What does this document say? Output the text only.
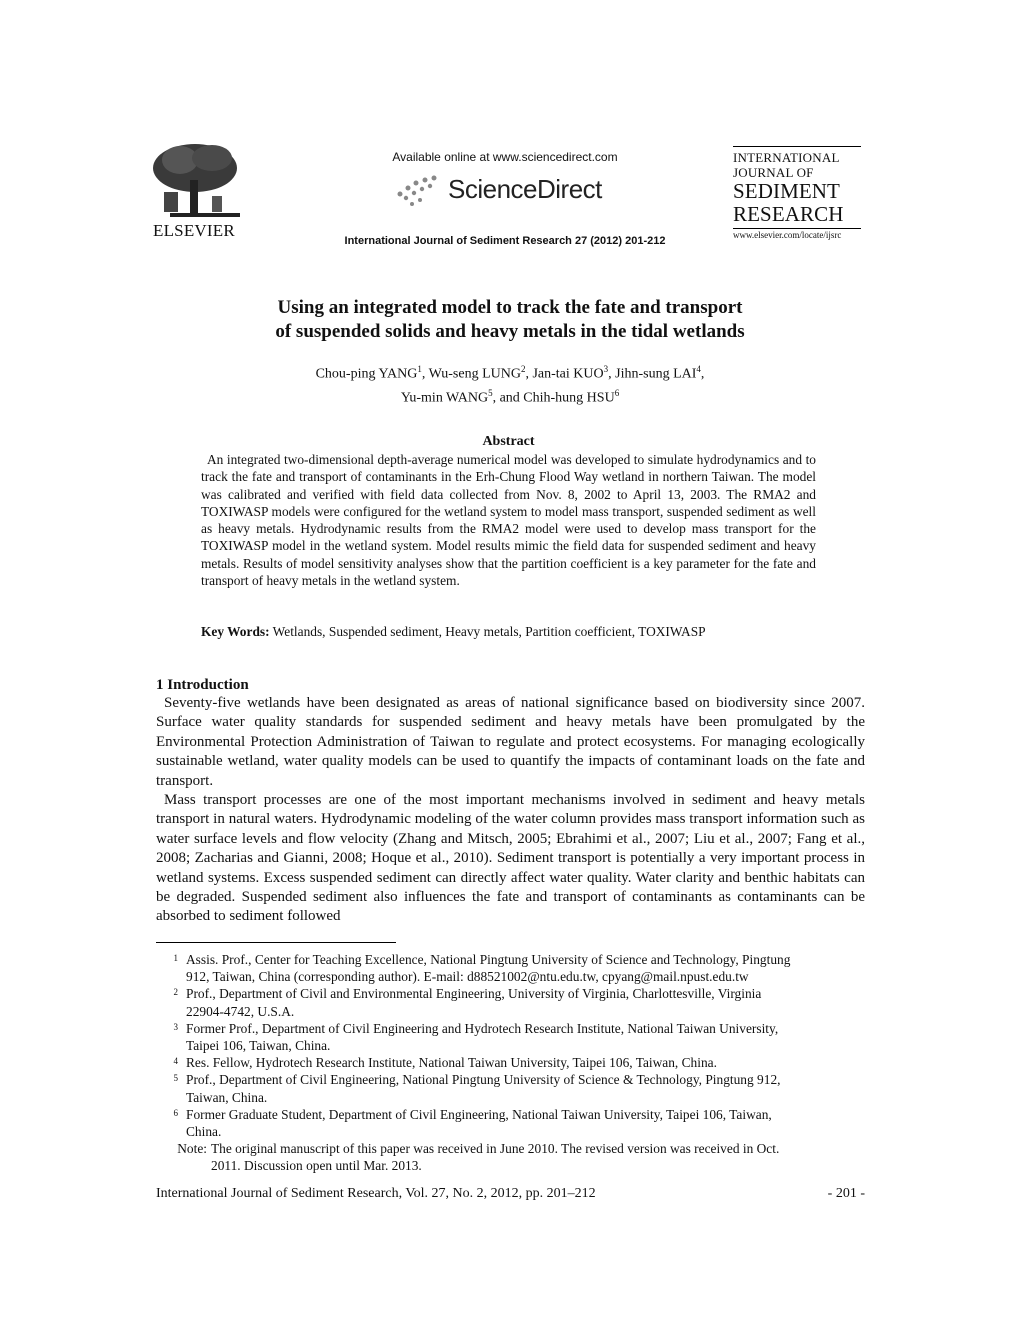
ELSEVIER
Available online at www.sciencedirect.com
ScienceDirect
International Journal of Sediment Research 27 (2012) 201-212
INTERNATIONAL
JOURNAL OF
SEDIMENT
RESEARCH
www.elsevier.com/locate/ijsrc
Using an integrated model to track the fate and transport
of suspended solids and heavy metals in the tidal wetlands
Chou-ping YANG$^1$, Wu-seng LUNG$^2$, Jan-tai KUO$^3$, Jihn-sung LAI$^4$,
Yu-min WANG$^5$, and Chih-hung HSU$^6$
Abstract

An integrated two-dimensional depth-average numerical model was developed to simulate hydrodynamics and to track the fate and transport of contaminants in the Erh-Chung Flood Way wetland in northern Taiwan. The model was calibrated and verified with field data collected from Nov. 8, 2002 to April 13, 2003. The RMA2 and TOXIWASP models were configured for the wetland system to model mass transport, suspended sediment as well as heavy metals. Hydrodynamic results from the RMA2 model were used to develop mass transport for the TOXIWASP model in the wetland system. Model results mimic the field data for suspended sediment and heavy metals. Results of model sensitivity analyses show that the partition coefficient is a key parameter for the fate and transport of heavy metals in the wetland system.

Key Words: Wetlands, Suspended sediment, Heavy metals, Partition coefficient, TOXIWASP
1 Introduction

Seventy-five wetlands have been designated as areas of national significance based on biodiversity since 2007. Surface water quality standards for suspended sediment and heavy metals have been promulgated by the Environmental Protection Administration of Taiwan to regulate and protect ecosystems. For managing ecologically sustainable wetland, water quality models can be used to quantify the impacts of contaminant loads on the fate and transport.

Mass transport processes are one of the most important mechanisms involved in sediment and heavy metals transport in natural waters. Hydrodynamic modeling of the water column provides mass transport information such as water surface levels and flow velocity (Zhang and Mitsch, 2005; Ebrahimi et al., 2007; Liu et al., 2007; Fang et al., 2008; Zacharias and Gianni, 2008; Hoque et al., 2010). Sediment transport is potentially a very important process in wetland systems. Excess suspended sediment can directly affect water quality. Water clarity and benthic habitats can be degraded. Suspended sediment also influences the fate and transport of contaminants as contaminants can be absorbed to sediment followed

1 Assis. Prof., Center for Teaching Excellence, National Pingtung University of Science and Technology, Pingtung
912, Taiwan, China (corresponding author). E-mail: d88521002@ntu.edu.tw, cpyang@mail.npust.edu.tw
2 Prof., Department of Civil and Environmental Engineering, University of Virginia, Charlottesville, Virginia
22904-4742, U.S.A.
3 Former Prof., Department of Civil Engineering and Hydrotech Research Institute, National Taiwan University,
Taipei 106, Taiwan, China.
4 Res. Fellow, Hydrotech Research Institute, National Taiwan University, Taipei 106, Taiwan, China.
5 Prof., Department of Civil Engineering, National Pingtung University of Science & Technology, Pingtung 912,
Taiwan, China.
6 Former Graduate Student, Department of Civil Engineering, National Taiwan University, Taipei 106, Taiwan,
China.
Note: The original manuscript of this paper was received in June 2010. The revised version was received in Oct.
2011. Discussion open until Mar. 2013.
International Journal of Sediment Research, Vol. 27, No. 2, 2012, pp. 201–212	- 201 -
